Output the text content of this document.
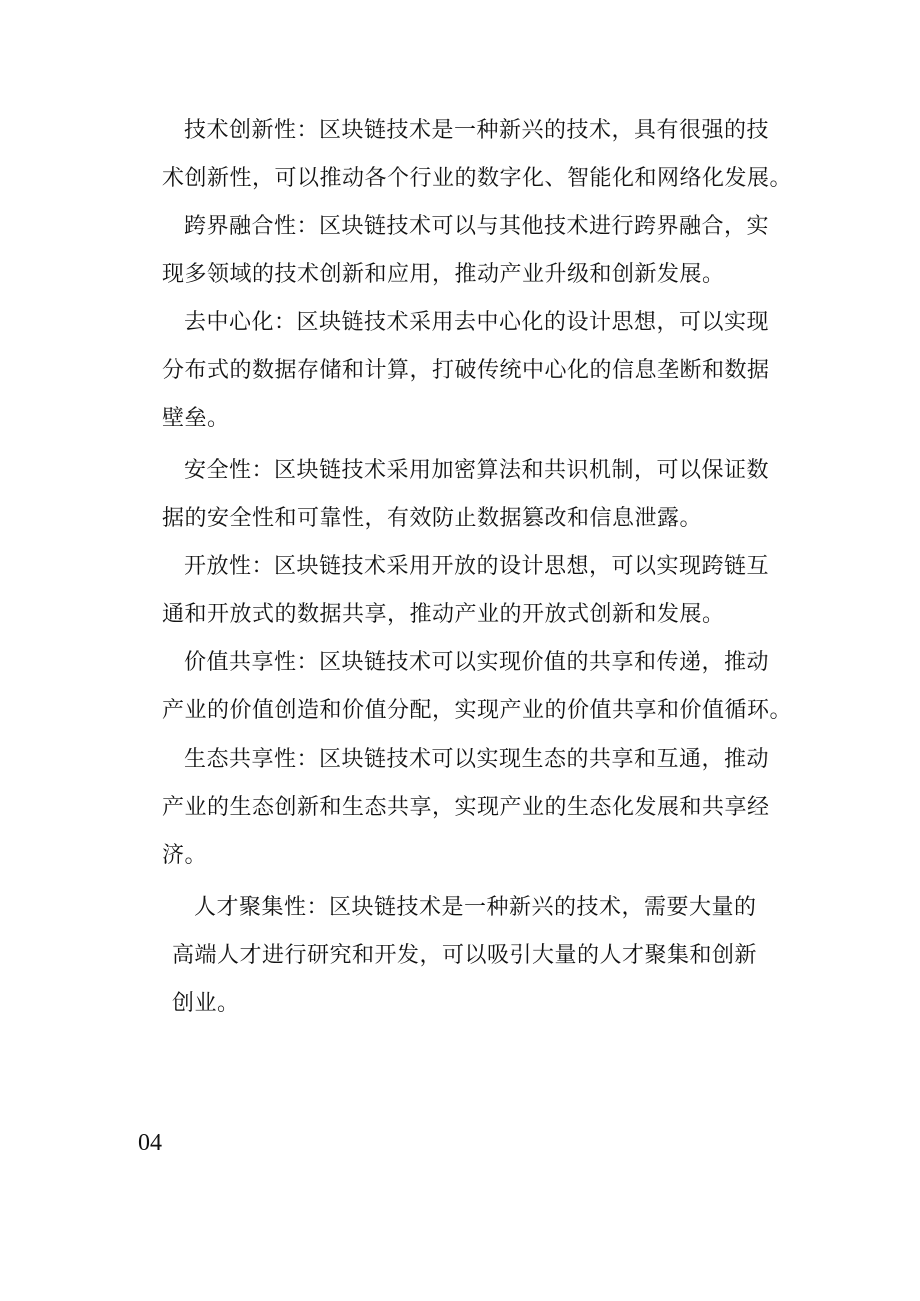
技术创新性：区块链技术是一种新兴的技术，具有很强的技
术创新性，可以推动各个行业的数字化、智能化和网络化发展。
跨界融合性：区块链技术可以与其他技术进行跨界融合，实
现多领域的技术创新和应用，推动产业升级和创新发展。
去中心化：区块链技术采用去中心化的设计思想，可以实现
分布式的数据存储和计算，打破传统中心化的信息垄断和数据
壁垒。
安全性：区块链技术采用加密算法和共识机制，可以保证数
据的安全性和可靠性，有效防止数据篡改和信息泄露。
开放性：区块链技术采用开放的设计思想，可以实现跨链互
通和开放式的数据共享，推动产业的开放式创新和发展。
价值共享性：区块链技术可以实现价值的共享和传递，推动
产业的价值创造和价值分配，实现产业的价值共享和价值循环。
生态共享性：区块链技术可以实现生态的共享和互通，推动
产业的生态创新和生态共享，实现产业的生态化发展和共享经
济。
人才聚集性：区块链技术是一种新兴的技术，需要大量的
高端人才进行研究和开发，可以吸引大量的人才聚集和创新
创业。
04
